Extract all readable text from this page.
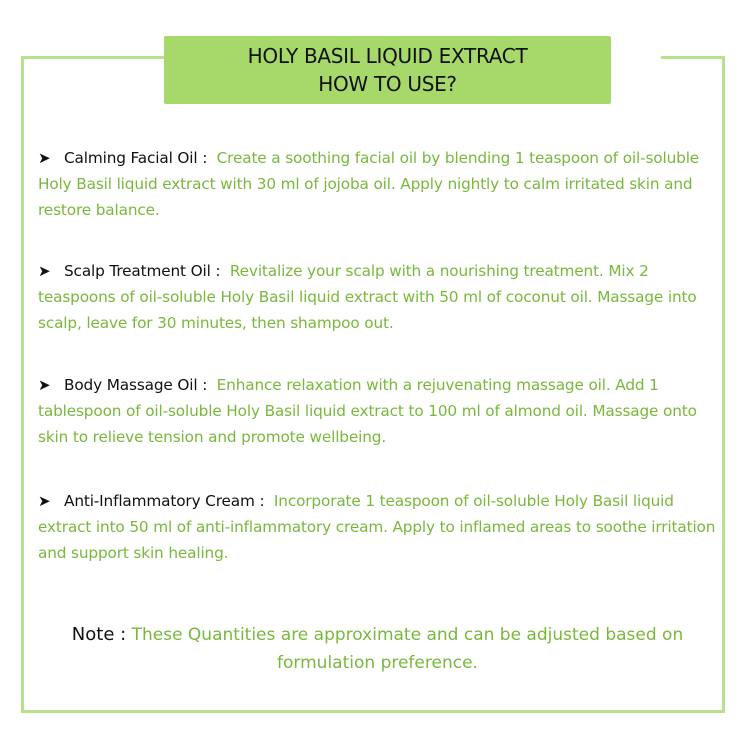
HOLY BASIL LIQUID EXTRACT
HOW TO USE?
➤ Calming Facial Oil : Create a soothing facial oil by blending 1 teaspoon of oil-soluble Holy Basil liquid extract with 30 ml of jojoba oil. Apply nightly to calm irritated skin and restore balance.
➤ Scalp Treatment Oil : Revitalize your scalp with a nourishing treatment. Mix 2 teaspoons of oil-soluble Holy Basil liquid extract with 50 ml of coconut oil. Massage into scalp, leave for 30 minutes, then shampoo out.
➤ Body Massage Oil : Enhance relaxation with a rejuvenating massage oil. Add 1 tablespoon of oil-soluble Holy Basil liquid extract to 100 ml of almond oil. Massage onto skin to relieve tension and promote wellbeing.
➤ Anti-Inflammatory Cream : Incorporate 1 teaspoon of oil-soluble Holy Basil liquid extract into 50 ml of anti-inflammatory cream. Apply to inflamed areas to soothe irritation and support skin healing.
Note : These Quantities are approximate and can be adjusted based on formulation preference.
